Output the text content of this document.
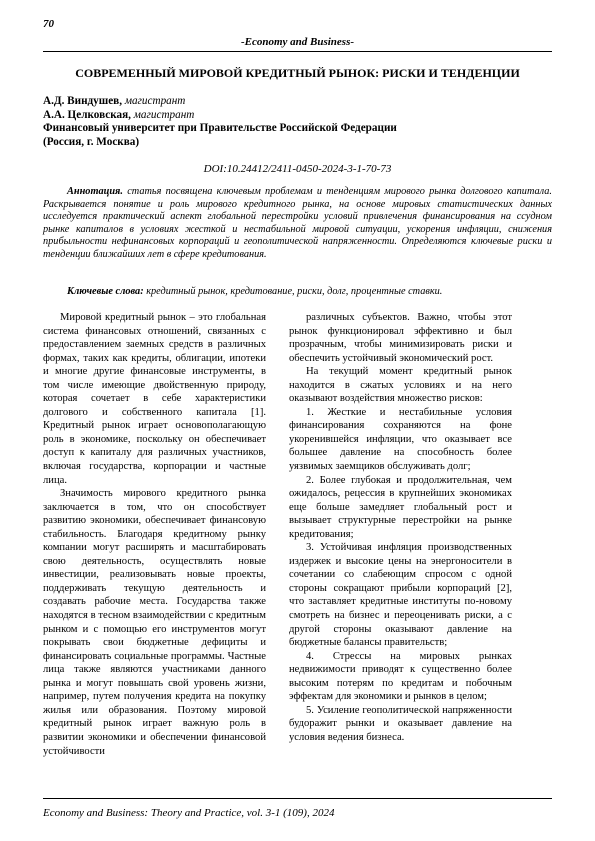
70
-Economy and Business-
СОВРЕМЕННЫЙ МИРОВОЙ КРЕДИТНЫЙ РЫНОК: РИСКИ И ТЕНДЕНЦИИ
А.Д. Виндушев, магистрант
А.А. Целковская, магистрант
Финансовый университет при Правительстве Российской Федерации
(Россия, г. Москва)
DOI:10.24412/2411-0450-2024-3-1-70-73

Аннотация. статья посвящена ключевым проблемам и тенденциям мирового рынка долгового капитала. Раскрывается понятие и роль мирового кредитного рынка, на основе мировых статистических данных исследуется практический аспект глобальной перестройки условий привлечения финансирования на ссудном рынке капиталов в условиях жесткой и нестабильной мировой ситуации, ускорения инфляции, снижения прибыльности нефинансовых корпораций и геополитической напряженности. Определяются ключевые риски и тенденции ближайших лет в сфере кредитования.

Ключевые слова: кредитный рынок, кредитование, риски, долг, процентные ставки.

Мировой кредитный рынок – это глобальная система финансовых отношений, связанных с предоставлением заемных средств в различных формах, таких как кредиты, облигации, ипотеки и многие другие финансовые инструменты, в том числе имеющие двойственную природу, которая сочетает в себе характеристики долгового и собственного капитала [1]. Кредитный рынок играет основополагающую роль в экономике, поскольку он обеспечивает доступ к капиталу для различных участников, включая государства, корпорации и частные лица.

Значимость мирового кредитного рынка заключается в том, что он способствует развитию экономики, обеспечивает финансовую стабильность. Благодаря кредитному рынку компании могут расширять и масштабировать свою деятельность, осуществлять новые инвестиции, реализовывать новые проекты, поддерживать текущую деятельность и создавать рабочие места. Государства также находятся в тесном взаимодействии с кредитным рынком и с помощью его инструментов могут покрывать свои бюджетные дефициты и финансировать социальные программы. Частные лица также являются участниками данного рынка и могут повышать свой уровень жизни, например, путем получения кредита на покупку жилья или образования. Поэтому мировой кредитный рынок играет важную роль в развитии экономики и обеспечении финансовой устойчивости

различных субъектов. Важно, чтобы этот рынок функционировал эффективно и был прозрачным, чтобы минимизировать риски и обеспечить устойчивый экономический рост.

На текущий момент кредитный рынок находится в сжатых условиях и на него оказывают воздействия множество рисков:

1. Жесткие и нестабильные условия финансирования сохраняются на фоне укоренившейся инфляции, что оказывает все большее давление на способность более уязвимых заемщиков обслуживать долг;

2. Более глубокая и продолжительная, чем ожидалось, рецессия в крупнейших экономиках еще больше замедляет глобальный рост и вызывает структурные перестройки на рынке кредитования;

3. Устойчивая инфляция производственных издержек и высокие цены на энергоносители в сочетании со слабеющим спросом с одной стороны сокращают прибыли корпораций [2], что заставляет кредитные институты по-новому смотреть на бизнес и переоценивать риски, а с другой стороны оказывают давление на бюджетные балансы правительств;

4. Стрессы на мировых рынках недвижимости приводят к существенно более высоким потерям по кредитам и побочным эффектам для экономики и рынков в целом;

5. Усиление геополитической напряженности будоражит рынки и оказывает давление на условия ведения бизнеса.

Economy and Business: Theory and Practice, vol. 3-1 (109), 2024
